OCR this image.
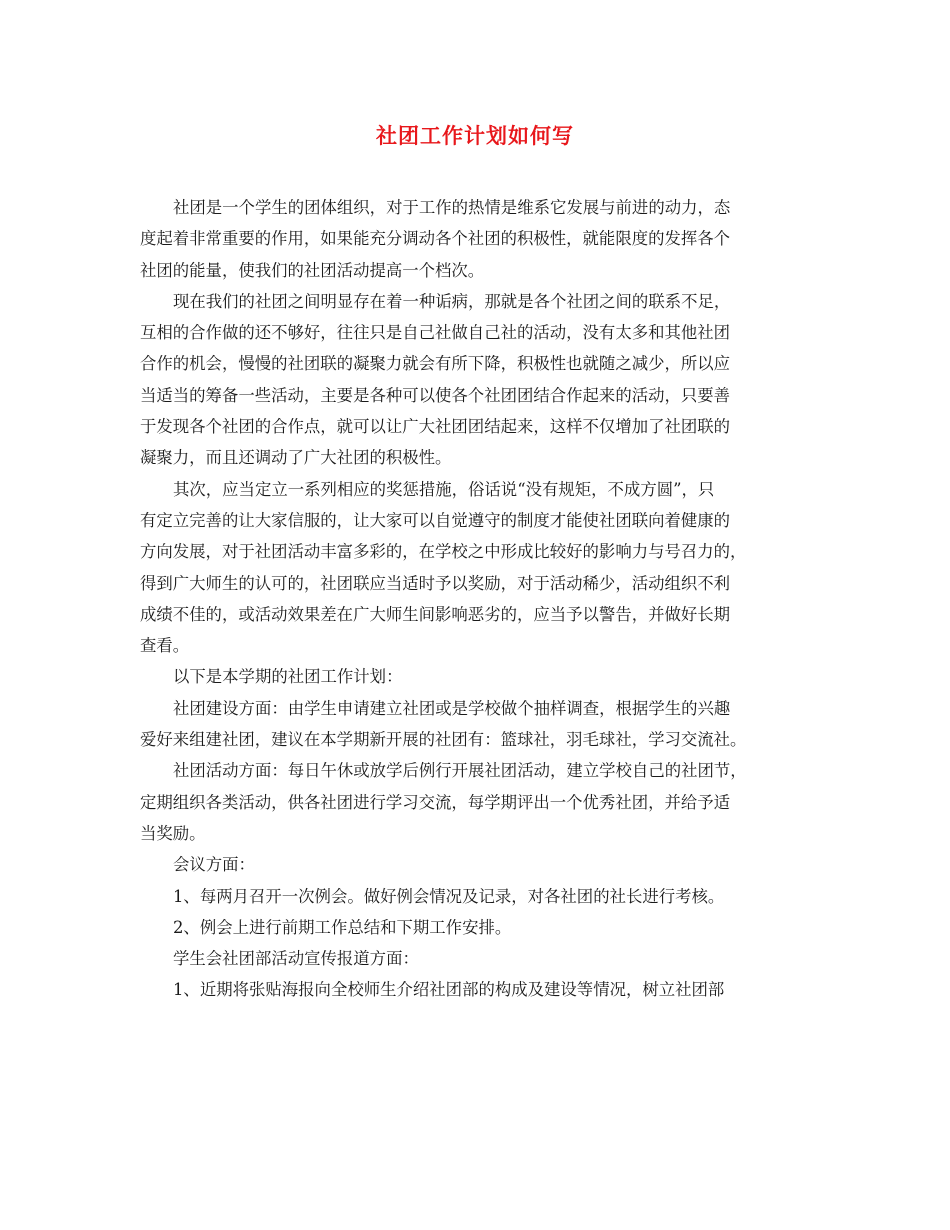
社团工作计划如何写
社团是一个学生的团体组织，对于工作的热情是维系它发展与前进的动力，态
度起着非常重要的作用，如果能充分调动各个社团的积极性，就能限度的发挥各个
社团的能量，使我们的社团活动提高一个档次。
现在我们的社团之间明显存在着一种诟病，那就是各个社团之间的联系不足，
互相的合作做的还不够好，往往只是自己社做自己社的活动，没有太多和其他社团
合作的机会，慢慢的社团联的凝聚力就会有所下降，积极性也就随之减少，所以应
当适当的筹备一些活动，主要是各种可以使各个社团团结合作起来的活动，只要善
于发现各个社团的合作点，就可以让广大社团团结起来，这样不仅增加了社团联的
凝聚力，而且还调动了广大社团的积极性。
其次，应当定立一系列相应的奖惩措施，俗话说“没有规矩，不成方圆”，只
有定立完善的让大家信服的，让大家可以自觉遵守的制度才能使社团联向着健康的
方向发展，对于社团活动丰富多彩的，在学校之中形成比较好的影响力与号召力的，
得到广大师生的认可的，社团联应当适时予以奖励，对于活动稀少，活动组织不利
成绩不佳的，或活动效果差在广大师生间影响恶劣的，应当予以警告，并做好长期
查看。
以下是本学期的社团工作计划：
社团建设方面：由学生申请建立社团或是学校做个抽样调查，根据学生的兴趣
爱好来组建社团，建议在本学期新开展的社团有：篮球社，羽毛球社，学习交流社。
社团活动方面：每日午休或放学后例行开展社团活动，建立学校自己的社团节，
定期组织各类活动，供各社团进行学习交流，每学期评出一个优秀社团，并给予适
当奖励。
会议方面：
1、每两月召开一次例会。做好例会情况及记录，对各社团的社长进行考核。
2、例会上进行前期工作总结和下期工作安排。
学生会社团部活动宣传报道方面：
1、近期将张贴海报向全校师生介绍社团部的构成及建设等情况，树立社团部
